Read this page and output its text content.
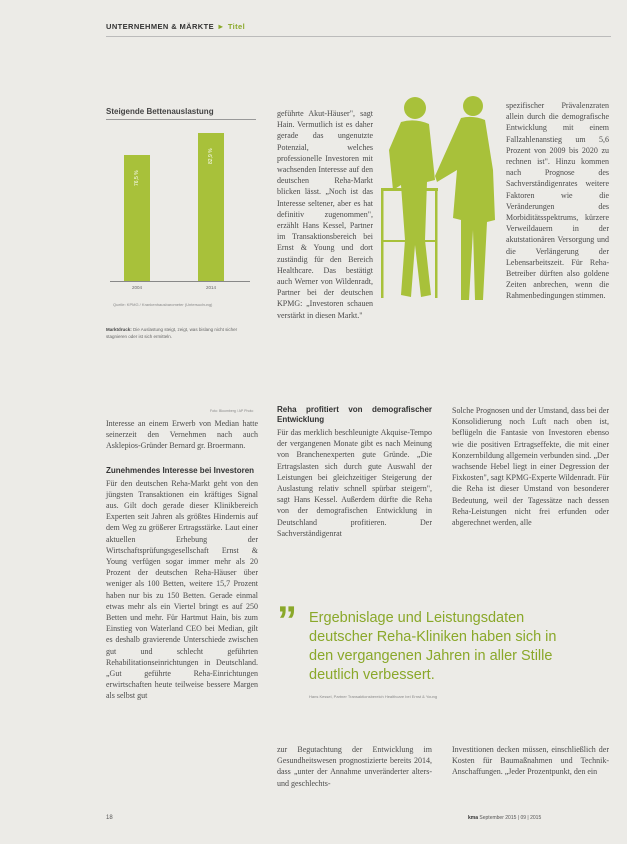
UNTERNEHMEN & MÄRKTE ► Titel
Steigende Bettenauslastung
Quelle: KPMG / Krankenhausbarometer (Untersuchung)
Marktdruck: Die Auslastung steigt, zeigt, was bislang nicht sicher stagnieren oder ist sich ermitteln.
Foto: Bloomberg / AP Photo

Interesse an einem Erwerb von Median hatte seinerzeit den Vernehmen nach auch Asklepios-Gründer Bernard gr. Broermann.

Zunehmendes Interesse bei Investoren

Für den deutschen Reha-Markt geht von den jüngsten Transaktionen ein kräftiges Signal aus. Gilt doch gerade dieser Klinikbereich Experten seit Jahren als größtes Hindernis auf dem Weg zu größerer Ertragsstärke. Laut einer aktuellen Erhebung der Wirtschaftsprüfungsgesellschaft Ernst & Young verfügen sogar immer mehr als 20 Prozent der deutschen Reha-Häuser über weniger als 100 Betten, weitere 15,7 Prozent haben nur bis zu 150 Betten. Gerade einmal etwas mehr als ein Viertel bringt es auf 250 Betten und mehr. Für Hartmut Hain, bis zum Einstieg von Waterland CEO bei Median, gilt es deshalb gravierende Unterschiede zwischen gut und schlecht geführten Rehabilitationseinrichtungen in Deutschland. „Gut geführte Reha-Einrichtungen erwirtschaften heute teilweise bessere Margen als selbst gut

geführte Akut-Häuser", sagt Hain. Vermutlich ist es daher gerade das ungenutzte Potenzial, welches professionelle Investoren mit wachsenden Interesse auf den deutschen Reha-Markt blicken lässt. „Noch ist das Interesse seltener, aber es hat definitiv zugenommen", erzählt Hans Kessel, Partner im Transaktionsbereich bei Ernst & Young und dort zuständig für den Bereich Healthcare. Das bestätigt auch Werner von Wildenradt, Partner bei der deutschen KPMG: „Investoren schauen verstärkt in diesen Markt."

Reha profitiert von demografischer Entwicklung

Für das merklich beschleunigte Akquise-Tempo der vergangenen Monate gibt es nach Meinung von Branchenexperten gute Gründe. „Die Ertragslasten sich durch gute Auswahl der Leistungen bei gleichzeitiger Steigerung der Auslastung relativ schnell spürbar steigern", sagt Hans Kessel. Außerdem dürfte die Reha von der demografischen Entwicklung in Deutschland profitieren. Der Sachverständigenrat

spezifischer Prävalenzraten allein durch die demografische Entwicklung mit einem Fallzahlenanstieg um 5,6 Prozent von 2009 bis 2020 zu rechnen ist". Hinzu kommen nach Prognose des Sachverständigenrates weitere Faktoren wie die Veränderungen des Morbiditätsspektrums, kürzere Verweildauern in der akutstationären Versorgung und die Verlängerung der Lebensarbeitszeit. Für Reha-Betreiber dürften also goldene Zeiten anbrechen, wenn die Rahmenbedingungen stimmen.

Solche Prognosen und der Umstand, dass bei der Konsolidierung noch Luft nach oben ist, beflügeln die Fantasie von Investoren ebenso wie die positiven Ertragseffekte, die mit einer Konzernbildung allgemein verbunden sind. „Der wachsende Hebel liegt in einer Degression der Fixkosten", sagt KPMG-Experte Wildenradt. Für die Reha ist dieser Umstand von besonderer Bedeutung, weil der Tagessätze nach dessen Reha-Leistungen nicht frei erfunden oder abgerechnet werden, alle

” Ergebnislage und Leistungsdaten deutscher Reha-Kliniken haben sich in den vergangenen Jahren in aller Stille deutlich verbessert.
Hans Kessel, Partner Transaktionsbereich Healthcare bei Ernst & Young

zur Begutachtung der Entwicklung im Gesundheitswesen prognostizierte bereits 2014, dass „unter der Annahme unveränderter alters- und geschlechts-

Investitionen decken müssen, einschließlich der Kosten für Baumaßnahmen und Technik-Anschaffungen. „Jeder Prozentpunkt, den ein

18	kma September 2015 | 09 | 2015
76,5 %
2004
82,9 %
2014
